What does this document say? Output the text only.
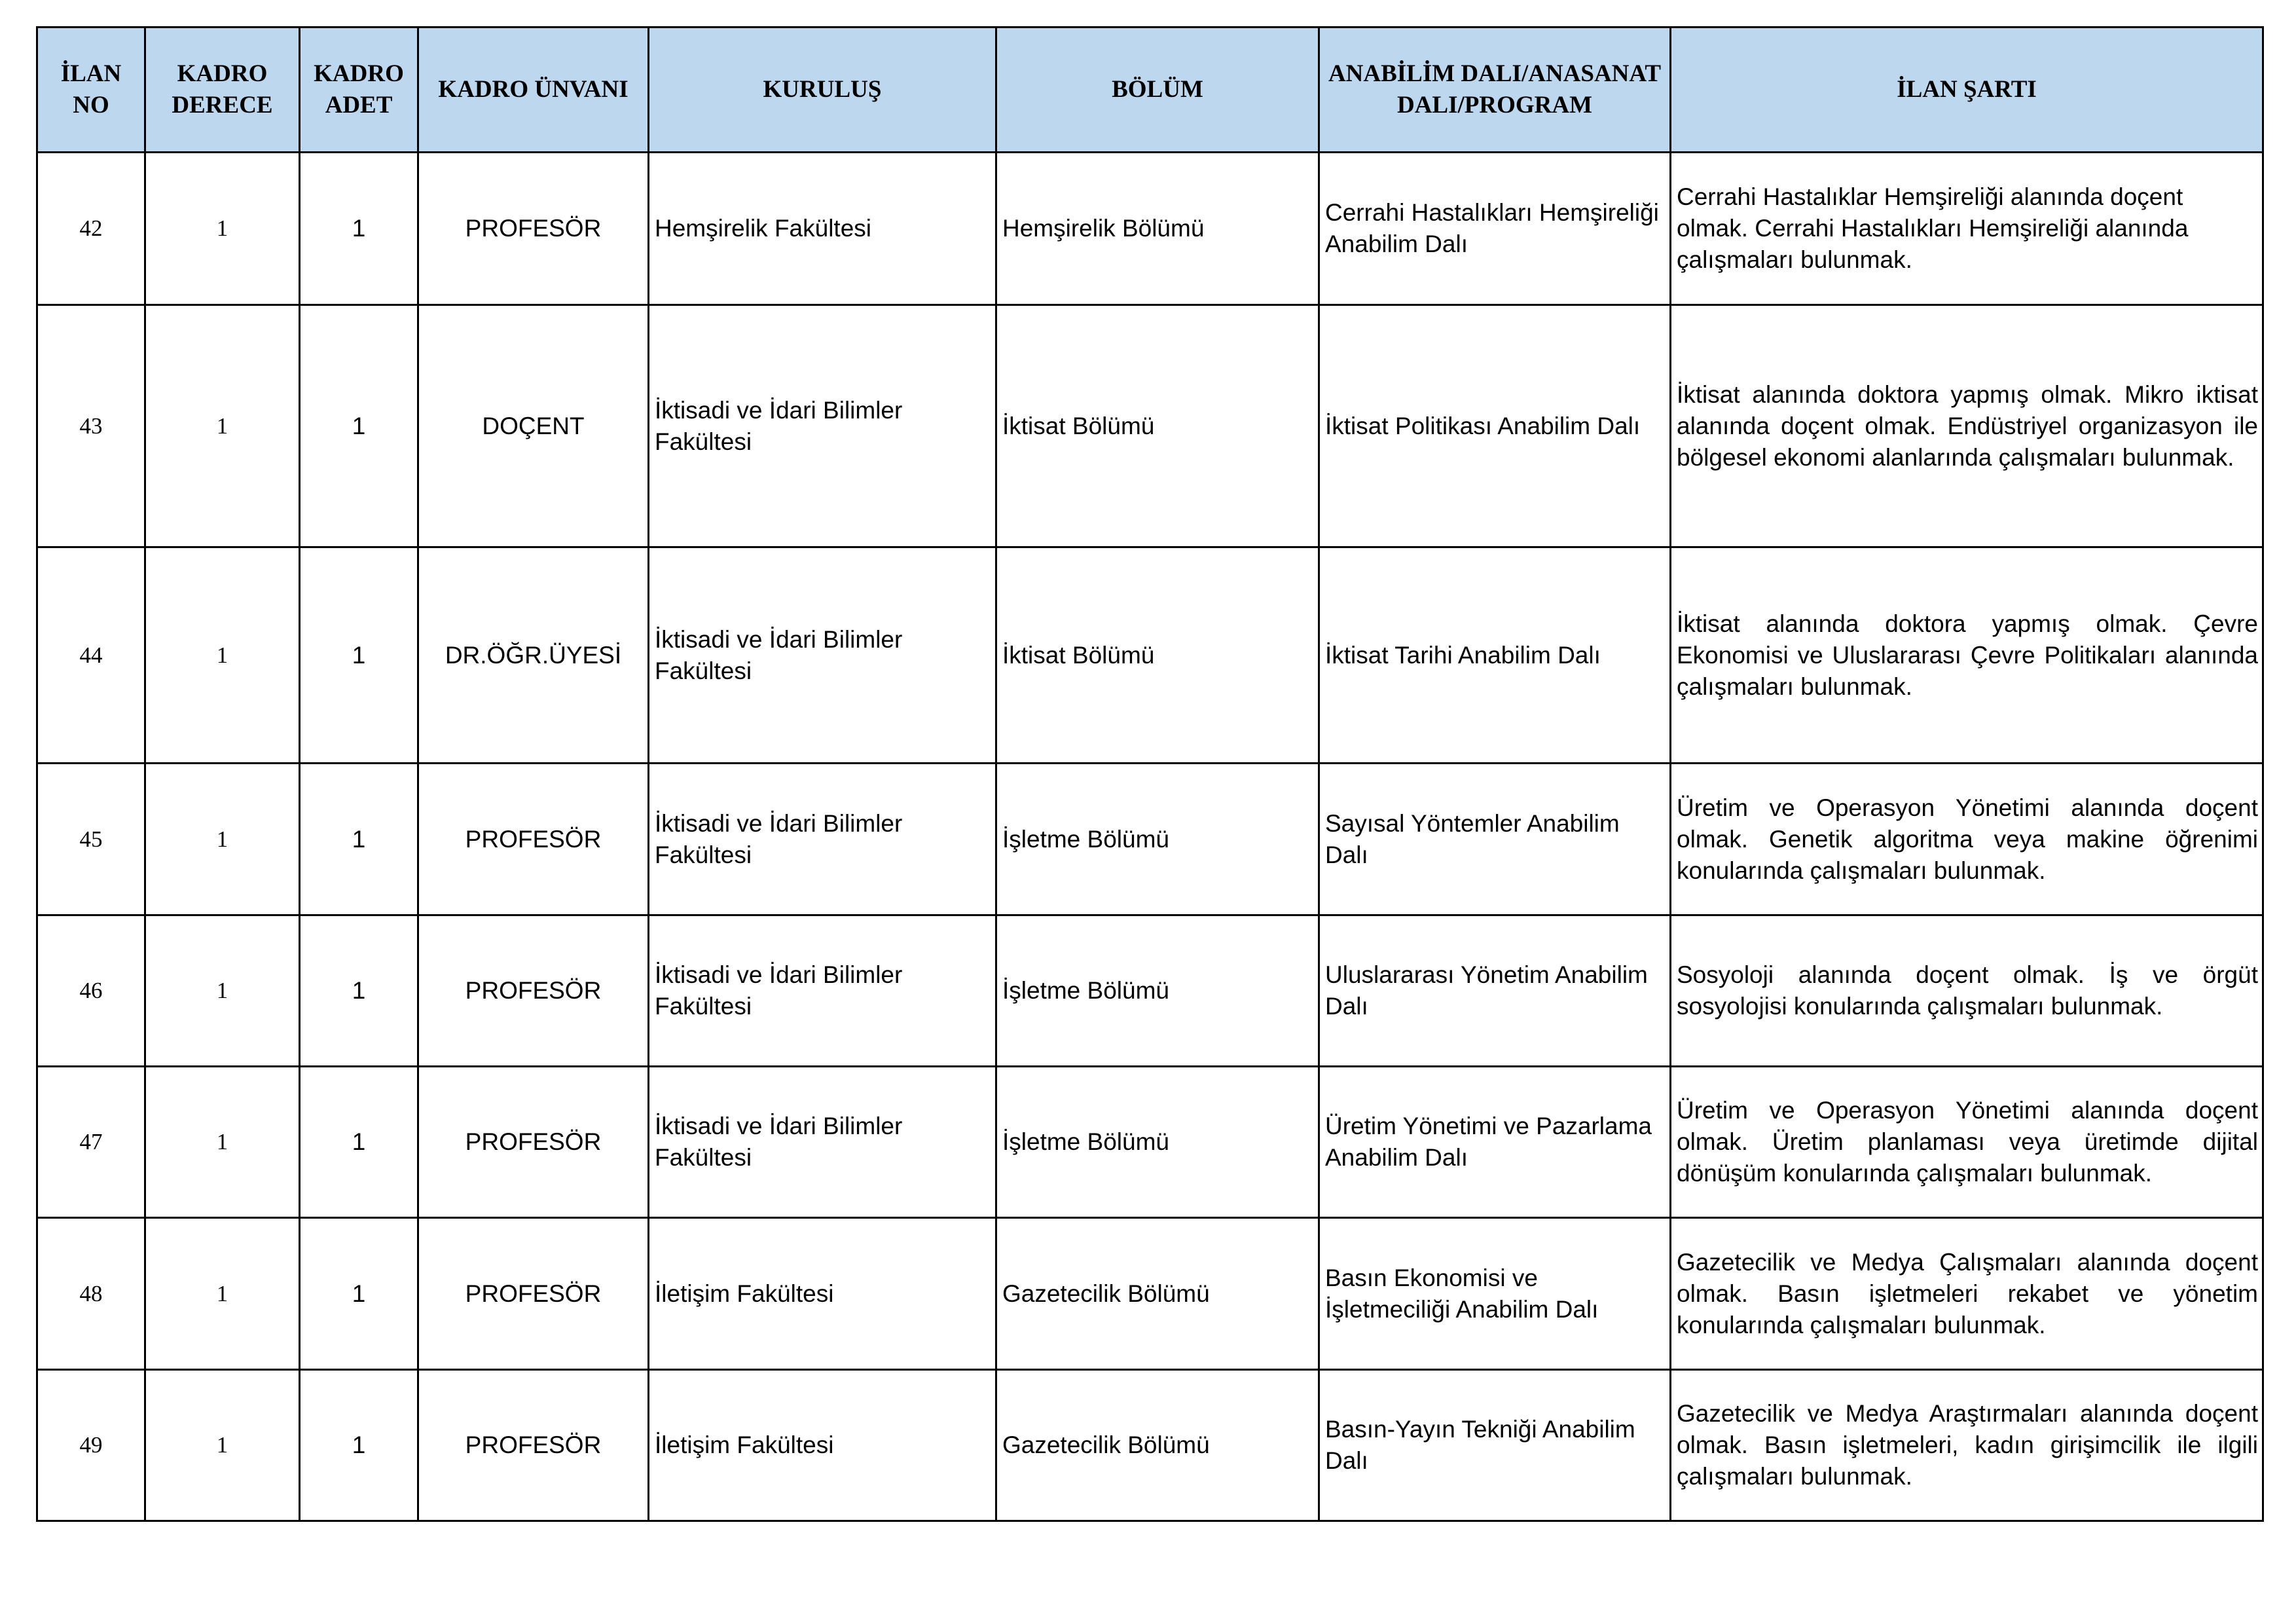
İLAN NO	KADRO DERECE	KADRO ADET	KADRO ÜNVANI	KURULUŞ	BÖLÜM	ANABİLİM DALI/ANASANAT DALI/PROGRAM	İLAN ŞARTI
42	1	1	PROFESÖR	Hemşirelik Fakültesi	Hemşirelik Bölümü	Cerrahi Hastalıkları Hemşireliği Anabilim Dalı	Cerrahi Hastalıklar Hemşireliği alanında doçent olmak. Cerrahi Hastalıkları Hemşireliği alanında çalışmaları bulunmak.
43	1	1	DOÇENT	İktisadi ve İdari Bilimler Fakültesi	İktisat Bölümü	İktisat Politikası Anabilim Dalı	İktisat alanında doktora yapmış olmak. Mikro iktisat alanında doçent olmak. Endüstriyel organizasyon ile bölgesel ekonomi alanlarında çalışmaları bulunmak.
44	1	1	DR.ÖĞR.ÜYESİ	İktisadi ve İdari Bilimler Fakültesi	İktisat Bölümü	İktisat Tarihi Anabilim Dalı	İktisat alanında doktora yapmış olmak. Çevre Ekonomisi ve Uluslararası Çevre Politikaları alanında çalışmaları bulunmak.
45	1	1	PROFESÖR	İktisadi ve İdari Bilimler Fakültesi	İşletme Bölümü	Sayısal Yöntemler Anabilim Dalı	Üretim ve Operasyon Yönetimi alanında doçent olmak. Genetik algoritma veya makine öğrenimi konularında çalışmaları bulunmak.
46	1	1	PROFESÖR	İktisadi ve İdari Bilimler Fakültesi	İşletme Bölümü	Uluslararası Yönetim Anabilim Dalı	Sosyoloji alanında doçent olmak. İş ve örgüt sosyolojisi konularında çalışmaları bulunmak.
47	1	1	PROFESÖR	İktisadi ve İdari Bilimler Fakültesi	İşletme Bölümü	Üretim Yönetimi ve Pazarlama Anabilim Dalı	Üretim ve Operasyon Yönetimi alanında doçent olmak. Üretim planlaması veya üretimde dijital dönüşüm konularında çalışmaları bulunmak.
48	1	1	PROFESÖR	İletişim Fakültesi	Gazetecilik Bölümü	Basın Ekonomisi ve İşletmeciliği Anabilim Dalı	Gazetecilik ve Medya Çalışmaları alanında doçent olmak. Basın işletmeleri rekabet ve yönetim konularında çalışmaları bulunmak.
49	1	1	PROFESÖR	İletişim Fakültesi	Gazetecilik Bölümü	Basın-Yayın Tekniği Anabilim Dalı	Gazetecilik ve Medya Araştırmaları alanında doçent olmak. Basın işletmeleri, kadın girişimcilik ile ilgili çalışmaları bulunmak.
